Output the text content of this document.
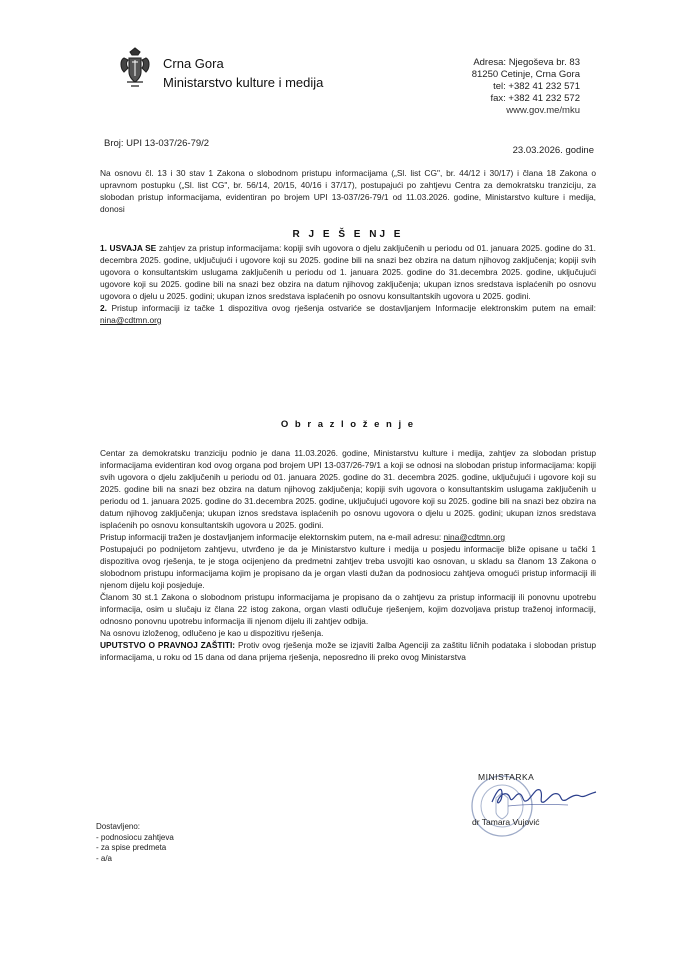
Crna Gora
Ministarstvo kulture i medija
Adresa: Njegoševa br. 83
81250 Cetinje, Crna Gora
tel: +382 41 232 571
fax: +382 41 232 572
www.gov.me/mku
Broj: UPI 13-037/26-79/2
23.03.2026. godine
Na osnovu čl. 13 i 30 stav 1 Zakona o slobodnom pristupu informacijama („Sl. list CG", br. 44/12 i 30/17) i člana 18 Zakona o upravnom postupku („Sl. list CG", br. 56/14, 20/15, 40/16 i 37/17), postupajući po zahtjevu Centra za demokratsku tranziciju, za slobodan pristup informacijama, evidentiran po brojem UPI 13-037/26-79/1 od 11.03.2026. godine, Ministarstvo kulture i medija, donosi
R J E Š E NJ E

1. USVAJA SE zahtjev za pristup informacijama: kopiji svih ugovora o djelu zaključenih u periodu od 01. januara 2025. godine do 31. decembra 2025. godine, uključujući i ugovore koji su 2025. godine bili na snazi bez obzira na datum njihovog zaključenja; kopiji svih ugovora o konsultantskim uslugama zaključenih u periodu od 1. januara 2025. godine do 31.decembra 2025. godine, uključujući ugovore koji su 2025. godine bili na snazi bez obzira na datum njihovog zaključenja; ukupan iznos sredstava isplaćenih po osnovu ugovora o djelu u 2025. godini; ukupan iznos sredstava isplaćenih po osnovu konsultantskih ugovora u 2025. godini.

2. Pristup informaciji iz tačke 1 dispozitiva ovog rješenja ostvariće se dostavljanjem Informacije elektronskim putem na email: nina@cdtmn.org

O b r a z l o ž e n j e

Centar za demokratsku tranziciju podnio je dana 11.03.2026. godine, Ministarstvu kulture i medija, zahtjev za slobodan pristup informacijama evidentiran kod ovog organa pod brojem UPI 13-037/26-79/1 a koji se odnosi na slobodan pristup informacijama: kopiji svih ugovora o djelu zaključenih u periodu od 01. januara 2025. godine do 31. decembra 2025. godine, uključujući i ugovore koji su 2025. godine bili na snazi bez obzira na datum njihovog zaključenja; kopiji svih ugovora o konsultantskim uslugama zaključenih u periodu od 1. januara 2025. godine do 31.decembra 2025. godine, uključujući ugovore koji su 2025. godine bili na snazi bez obzira na datum njihovog zaključenja; ukupan iznos sredstava isplaćenih po osnovu ugovora o djelu u 2025. godini; ukupan iznos sredstava isplaćenih po osnovu konsultantskih ugovora u 2025. godini.

Pristup informaciji tražen je dostavljanjem informacije elektornskim putem, na e-mail adresu: nina@cdtmn.org

Postupajući po podnijetom zahtjevu, utvrđeno je da je Ministarstvo kulture i medija u posjedu informacije bliže opisane u tački 1 dispozitiva ovog rješenja, te je stoga ocijenjeno da predmetni zahtjev treba usvojiti kao osnovan, u skladu sa članom 13 Zakona o slobodnom pristupu informacijama kojim je propisano da je organ vlasti dužan da podnosiocu zahtjeva omogući pristup informaciji ili njenom dijelu koji posjeduje.

Članom 30 st.1 Zakona o slobodnom pristupu informacijama je propisano da o zahtjevu za pristup informaciji ili ponovnu upotrebu informacija, osim u slučaju iz člana 22 istog zakona, organ vlasti odlučuje rješenjem, kojim dozvoljava pristup traženoj informaciji, odnosno ponovnu upotrebu informacija ili njenom dijelu ili zahtjev odbija.

Na osnovu izloženog, odlučeno je kao u dispozitivu rješenja.

UPUTSTVO O PRAVNOJ ZAŠTITI: Protiv ovog rješenja može se izjaviti žalba Agenciji za zaštitu ličnih podataka i slobodan pristup informacijama, u roku od 15 dana od dana prijema rješenja, neposredno ili preko ovog Ministarstva

MINISTARKA
dr Tamara Vujović
Dostavljeno:
- podnosiocu zahtjeva
- za spise predmeta
- a/a
